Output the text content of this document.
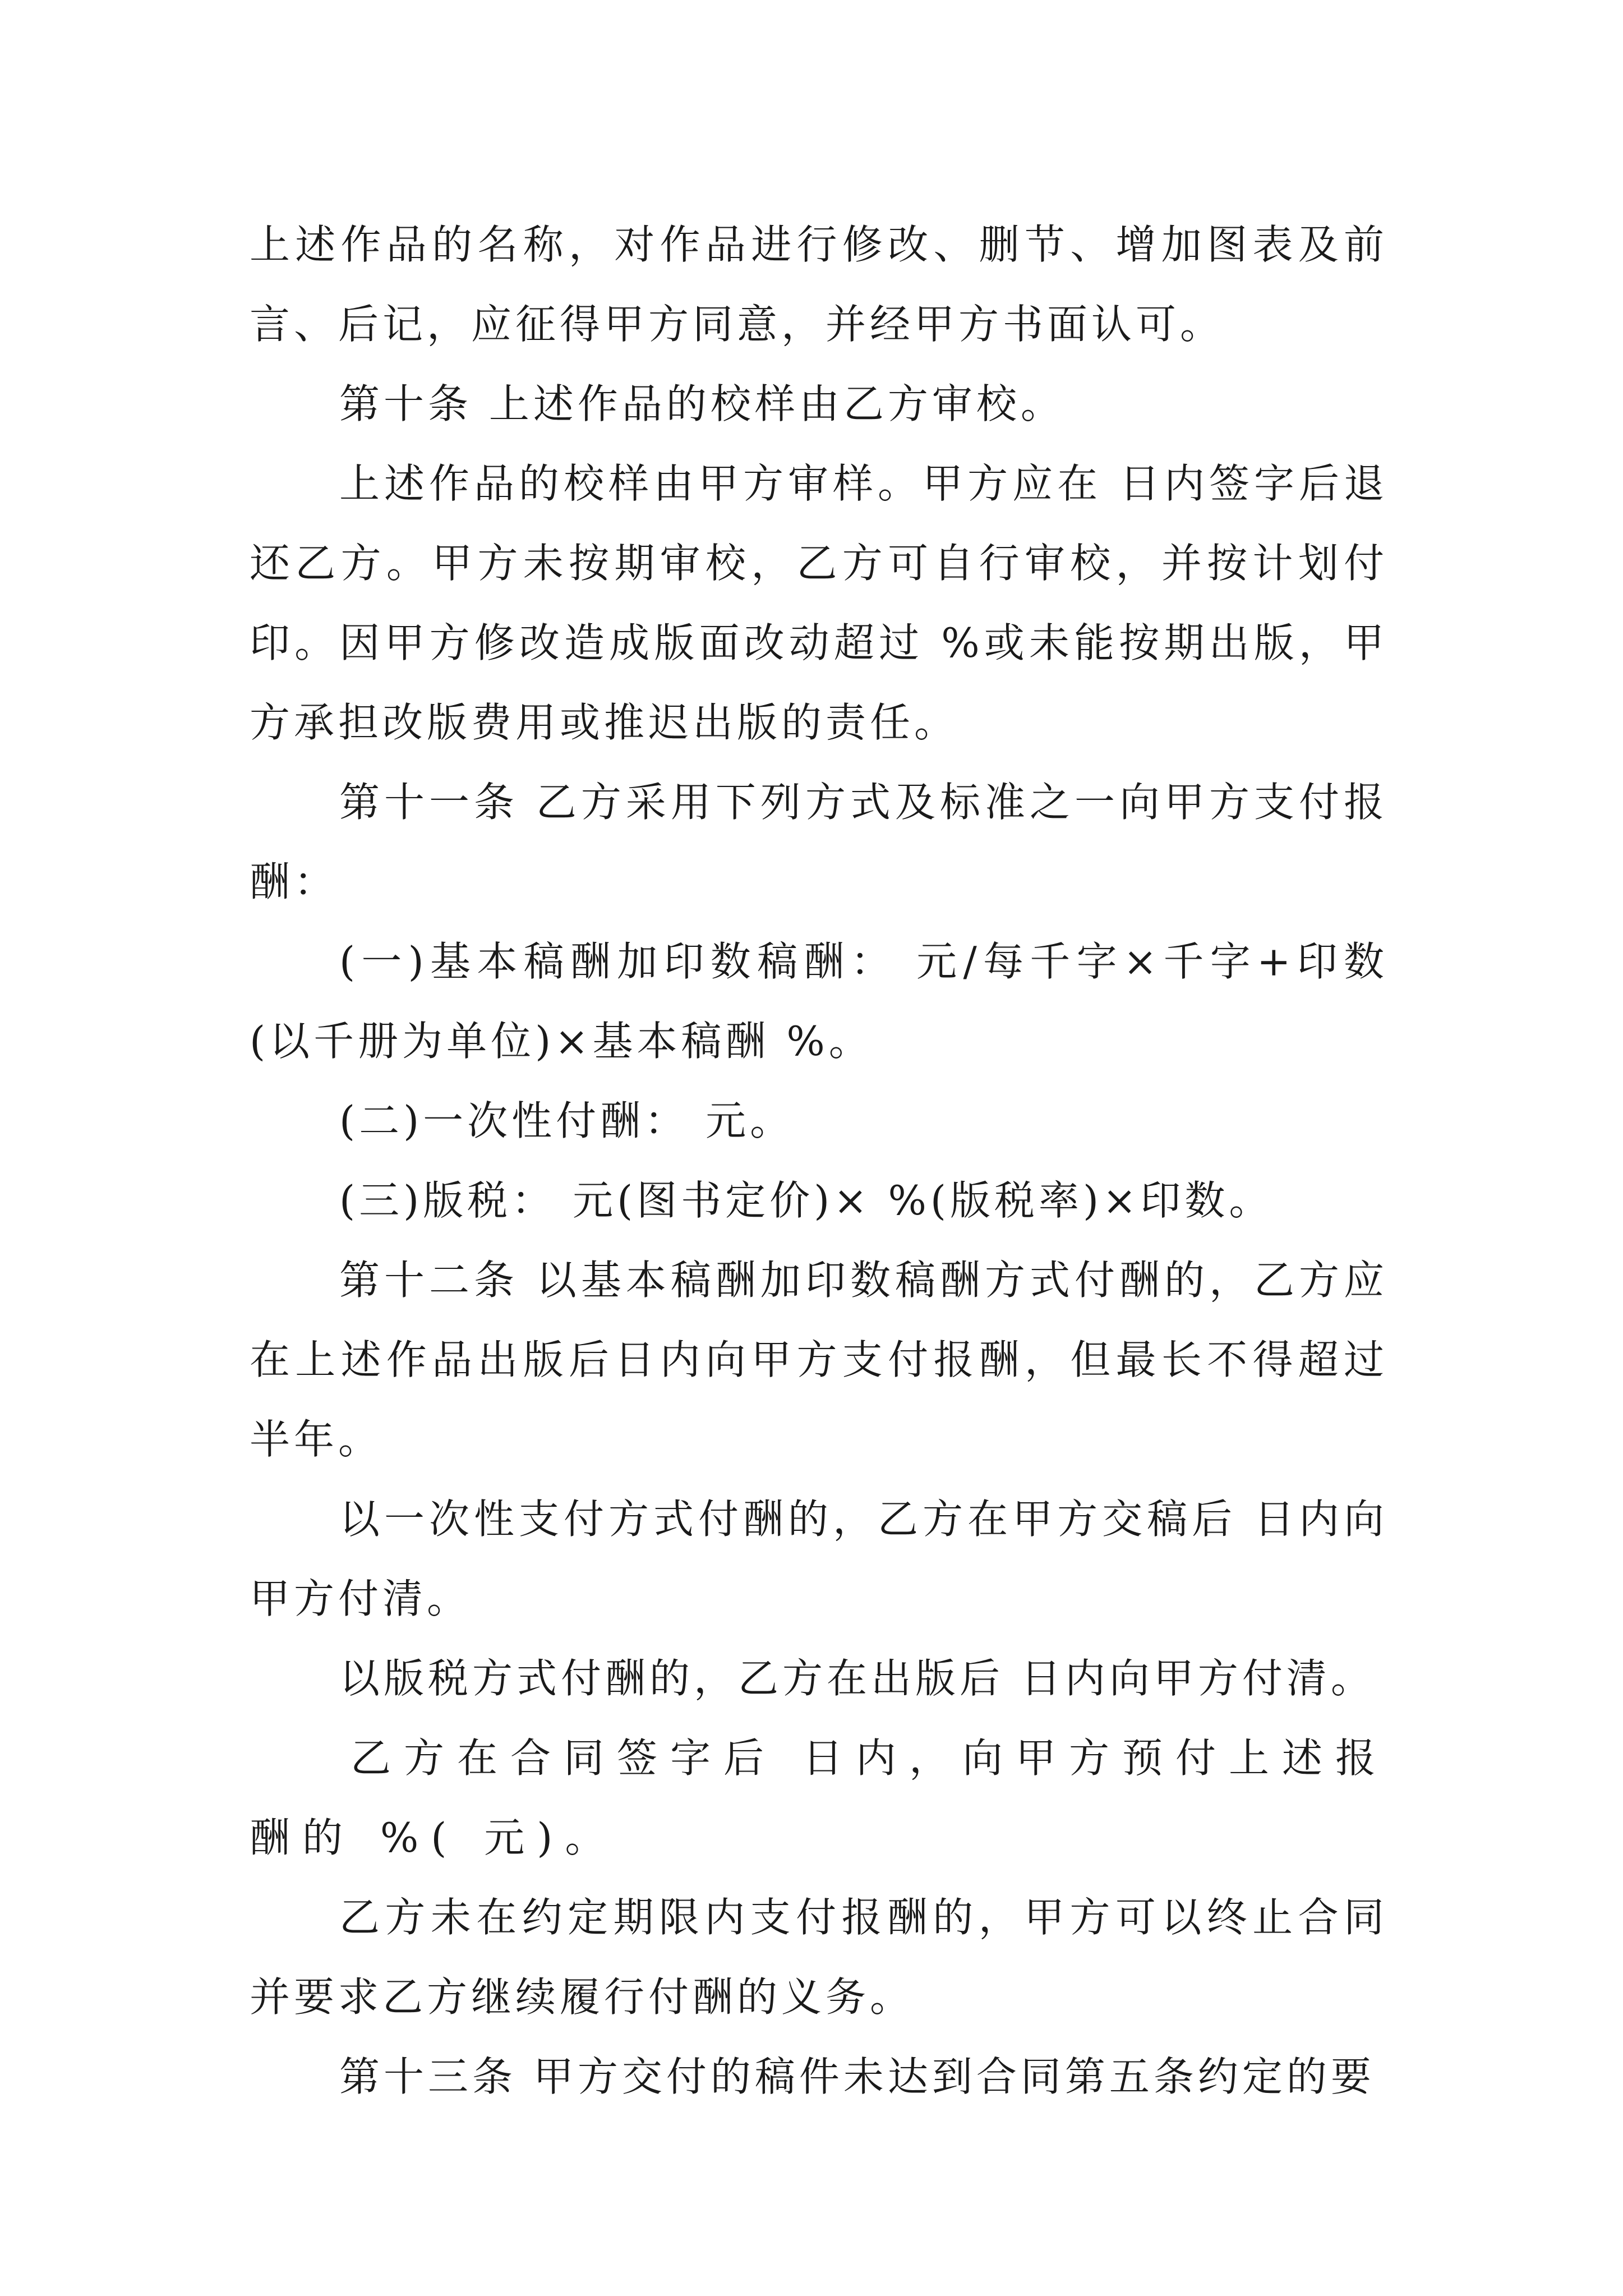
上述作品的名称，对作品进行修改、删节、增加图表及前言、后记，应征得甲方同意，并经甲方书面认可。

第十条 上述作品的校样由乙方审校。

上述作品的校样由甲方审样。甲方应在 日内签字后退还乙方。甲方未按期审校，乙方可自行审校，并按计划付印。因甲方修改造成版面改动超过 %或未能按期出版，甲方承担改版费用或推迟出版的责任。

第十一条 乙方采用下列方式及标准之一向甲方支付报酬：

(一)基本稿酬加印数稿酬： 元/每千字×千字+印数(以千册为单位)×基本稿酬 %。

(二)一次性付酬： 元。

(三)版税： 元(图书定价)× %(版税率)×印数。

第十二条 以基本稿酬加印数稿酬方式付酬的，乙方应在上述作品出版后日内向甲方支付报酬，但最长不得超过半年。

以一次性支付方式付酬的，乙方在甲方交稿后 日内向甲方付清。

以版税方式付酬的，乙方在出版后 日内向甲方付清。

乙方在合同签字后 日内，向甲方预付上述报酬的 %( 元)。

乙方未在约定期限内支付报酬的，甲方可以终止合同并要求乙方继续履行付酬的义务。

第十三条 甲方交付的稿件未达到合同第五条约定的要
